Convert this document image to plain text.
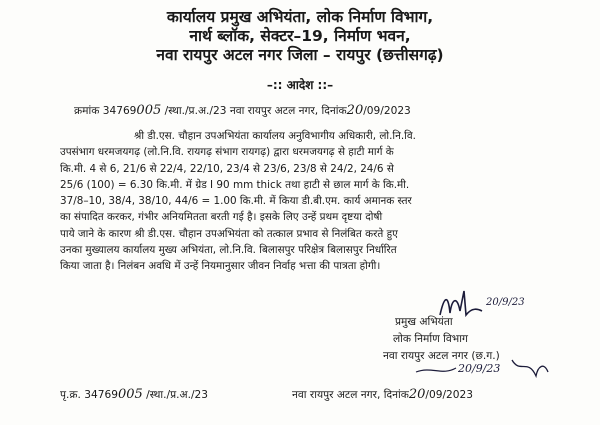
कार्यालय प्रमुख अभियंता, लोक निर्माण विभाग,
नार्थ ब्लॉक, सेक्टर–19, निर्माण भवन,
नवा रायपुर अटल नगर जिला – रायपुर (छत्तीसगढ़)
–:: आदेश ::–
क्रमांक 34769005 /स्था./प्र.अ./23 नवा रायपुर अटल नगर, दिनांक20/09/2023
श्री डी.एस. चौहान उपअभियंता कार्यालय अनुविभागीय अधिकारी, लो.नि.वि.
उपसंभाग धरमजयगढ़ (लो.नि.वि. रायगढ़ संभाग रायगढ़) द्वारा धरमजयगढ़ से हाटी मार्ग के
कि.मी. 4 से 6, 21/6 से 22/4, 22/10, 23/4 से 23/6, 23/8 से 24/2, 24/6 से
25/6 (100) = 6.30 कि.मी. में ग्रेड I 90 mm thick तथा हाटी से छाल मार्ग के कि.मी.
37/8–10, 38/4, 38/10, 44/6 = 1.00 कि.मी. में किया डी.बी.एम. कार्य अमानक स्तर
का संपादित करकर, गंभीर अनियमितता बरती गई है। इसके लिए उन्हें प्रथम दृष्टया दोषी
पाये जाने के कारण श्री डी.एस. चौहान उपअभियंता को तत्काल प्रभाव से निलंबित करते हुए
उनका मुख्यालय कार्यालय मुख्य अभियंता, लो.नि.वि. बिलासपुर परिक्षेत्र बिलासपुर निर्धारित
किया जाता है। निलंबन अवधि में उन्हें नियमानुसार जीवन निर्वाह भत्ता की पात्रता होगी।
20/9/23
प्रमुख अभियंता
लोक निर्माण विभाग
नवा रायपुर अटल नगर (छ.ग.)
20/9/23
पृ.क्र. 34769005 /स्था./प्र.अ./23	नवा रायपुर अटल नगर, दिनांक20/09/2023
